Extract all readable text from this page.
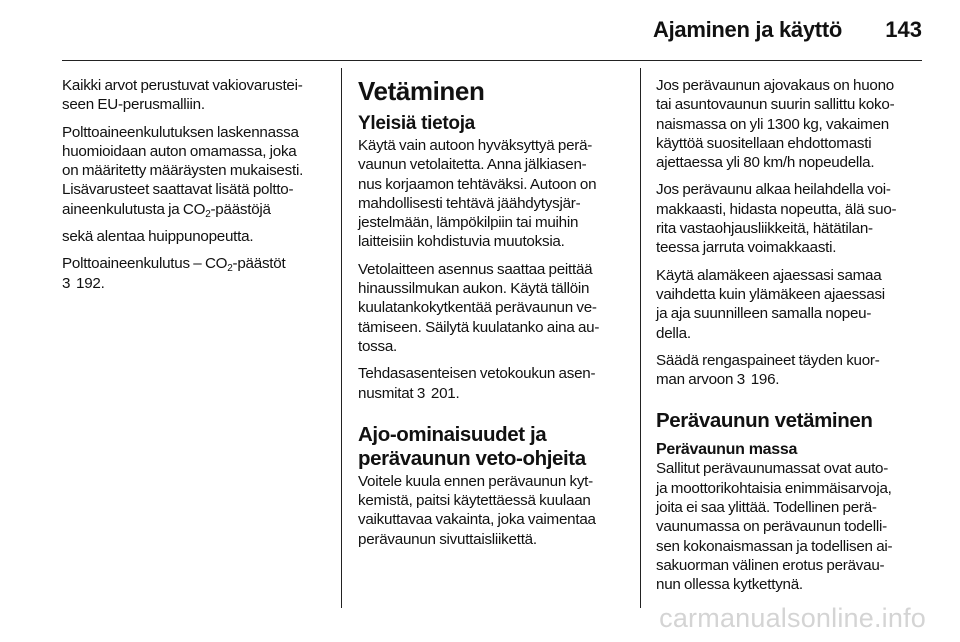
Ajaminen ja käyttö 143

Kaikki arvot perustuvat vakiovarustei-
seen EU-perusmalliin.

Polttoaineenkulutuksen laskennassa
huomioidaan auton omamassa, joka
on määritetty määräysten mukaisesti.
Lisävarusteet saattavat lisätä poltto-
aineenkulutusta ja $CO_2$-päästöjä

sekä alentaa huippunopeutta.

Polttoaineenkulutus – $CO_2$-päästöt
3 192.

Vetäminen
Yleisiä tietoja

Käytä vain autoon hyväksyttyä perä-
vaunun vetolaitetta. Anna jälkiasen-
nus korjaamon tehtäväksi. Autoon on
mahdollisesti tehtävä jäähdytysjär-
jestelmään, lämpökilpiin tai muihin
laitteisiin kohdistuvia muutoksia.

Vetolaitteen asennus saattaa peittää
hinaussilmukan aukon. Käytä tällöin
kuulatankokytkentää perävaunun ve-
tämiseen. Säilytä kuulatanko aina au-
tossa.

Tehdasasenteisen vetokoukun asen-
nusmitat 3 201.

Ajo-ominaisuudet ja
perävaunun veto-ohjeita

Voitele kuula ennen perävaunun kyt-
kemistä, paitsi käytettäessä kuulaan
vaikuttavaa vakainta, joka vaimentaa
perävaunun sivuttaisliikettä.

Jos perävaunun ajovakaus on huono
tai asuntovaunun suurin sallittu koko-
naismassa on yli 1300 kg, vakaimen
käyttöä suositellaan ehdottomasti
ajettaessa yli 80 km/h nopeudella.

Jos perävaunu alkaa heilahdella voi-
makkaasti, hidasta nopeutta, älä suo-
rita vastaohjausliikkeitä, hätätilan-
teessa jarruta voimakkaasti.

Käytä alamäkeen ajaessasi samaa
vaihdetta kuin ylämäkeen ajaessasi
ja aja suunnilleen samalla nopeu-
della.

Säädä rengaspaineet täyden kuor-
man arvoon 3 196.

Perävaunun vetäminen
Perävaunun massa

Sallitut perävaunumassat ovat auto-
ja moottorikohtaisia enimmäisarvoja,
joita ei saa ylittää. Todellinen perä-
vaunumassa on perävaunun todelli-
sen kokonaismassan ja todellisen ai-
sakuorman välinen erotus perävau-
nun ollessa kytkettynä.

carmanualsonline.info
